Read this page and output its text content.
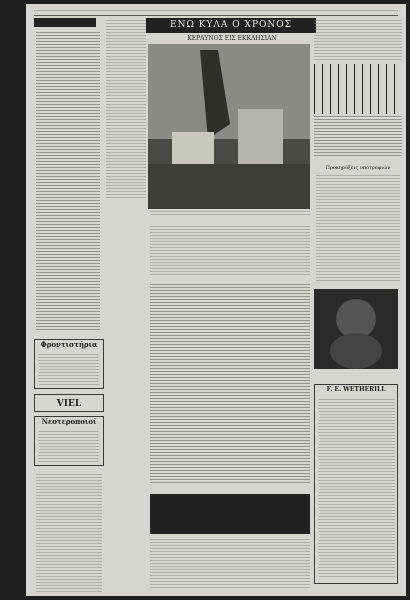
ΕΝΩ ΚΥΛΑ Ο ΧΡΟΝΟΣ
ΚΕΡΑΥΝΟΣ ΕΙΣ ΕΚΚΛΗΣΙΑΝ
Φροντιστήρια
VIEL
Νεοτεροποιοί
Προκηρύξεις υποτροφιών
F. E. WETHERILL
